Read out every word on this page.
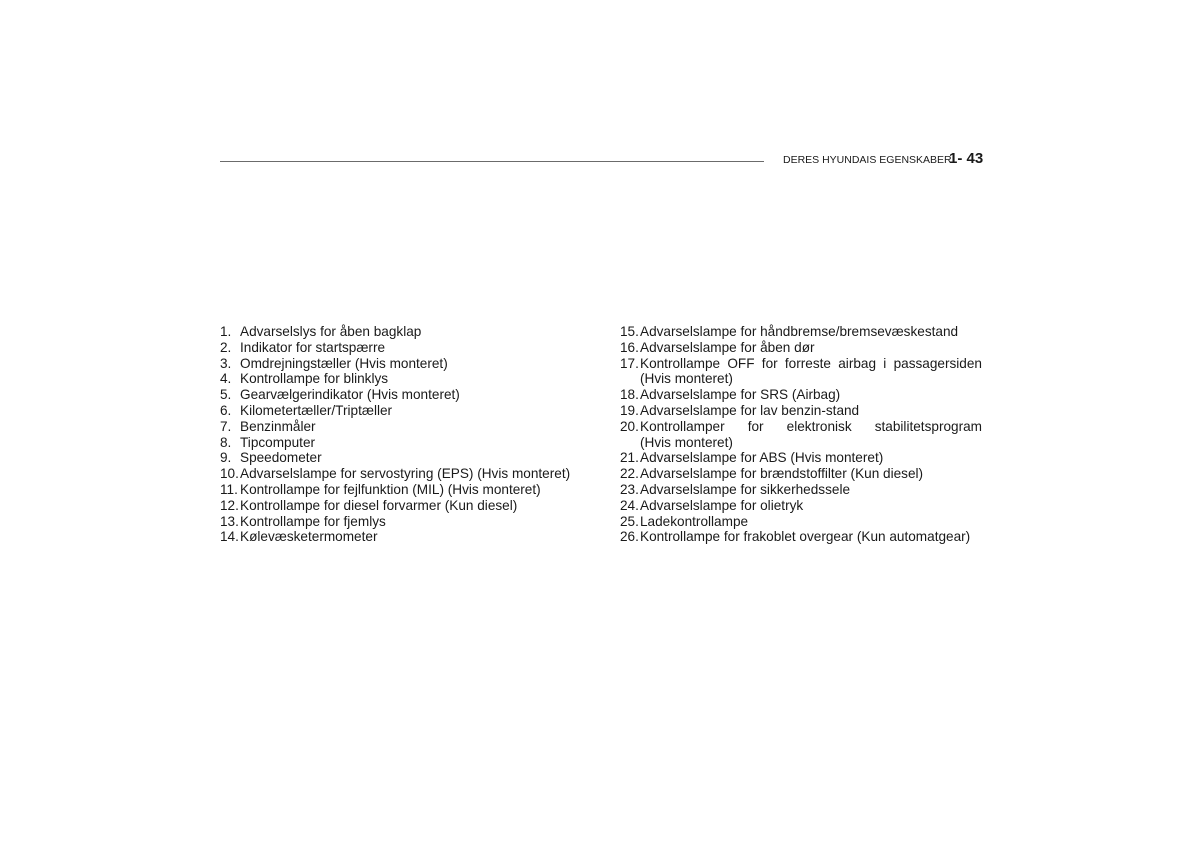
DERES HYUNDAIS EGENSKABER
1- 43
1. Advarselslys for åben bagklap
2. Indikator for startspærre
3. Omdrejningstæller (Hvis monteret)
4. Kontrollampe for blinklys
5. Gearvælgerindikator (Hvis monteret)
6. Kilometertæller/Triptæller
7. Benzinmåler
8. Tipcomputer
9. Speedometer
10. Advarselslampe for servostyring (EPS) (Hvis monteret)
11. Kontrollampe for fejlfunktion (MIL) (Hvis monteret)
12. Kontrollampe for diesel forvarmer (Kun diesel)
13. Kontrollampe for fjemlys
14. Kølevæsketermometer
15. Advarselslampe for håndbremse/bremsevæskestand
16. Advarselslampe for åben dør
17. Kontrollampe OFF for forreste airbag i passagersiden
(Hvis monteret)
18. Advarselslampe for SRS (Airbag)
19. Advarselslampe for lav benzin-stand
20. Kontrollamper for elektronisk stabilitetsprogram
(Hvis monteret)
21. Advarselslampe for ABS (Hvis monteret)
22. Advarselslampe for brændstoffilter (Kun diesel)
23. Advarselslampe for sikkerhedssele
24. Advarselslampe for olietryk
25. Ladekontrollampe
26. Kontrollampe for frakoblet overgear (Kun automatgear)
